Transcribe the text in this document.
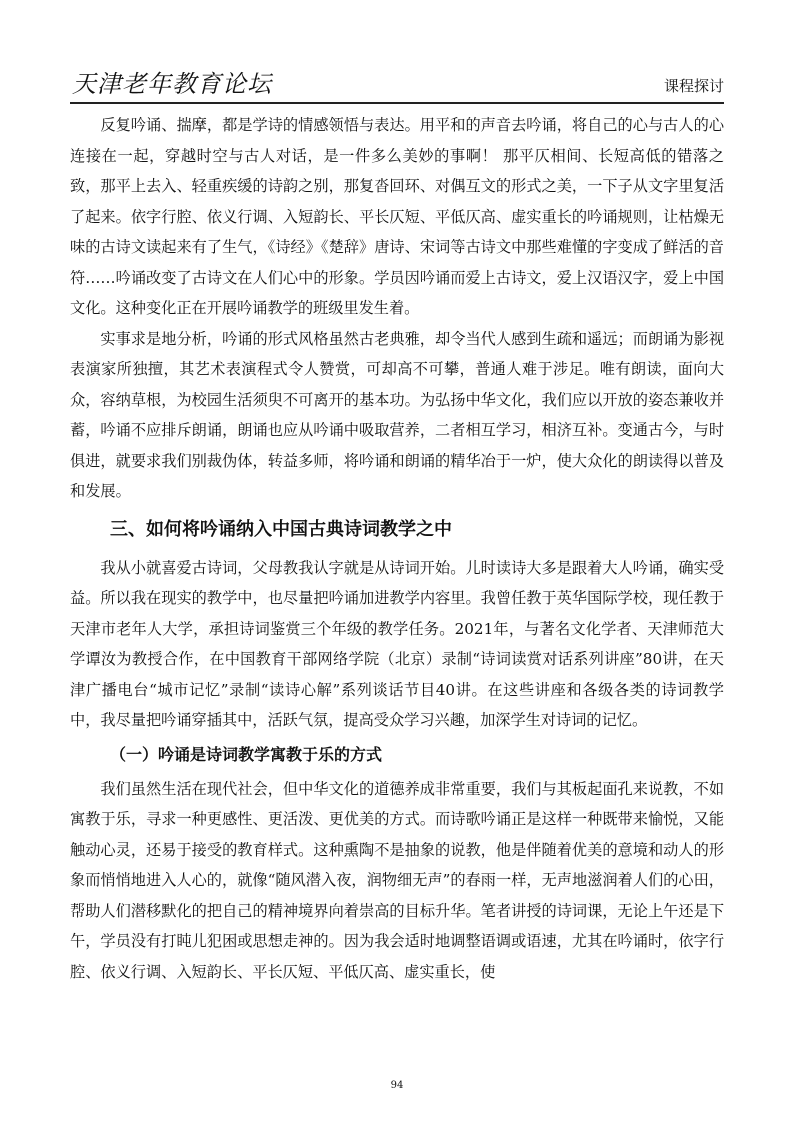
天津老年教育论坛	课程探讨

反复吟诵、揣摩，都是学诗的情感领悟与表达。用平和的声音去吟诵，将自己的心与古人的心连接在一起，穿越时空与古人对话，是一件多么美妙的事啊！ 那平仄相间、长短高低的错落之致，那平上去入、轻重疾缓的诗韵之别，那复沓回环、对偶互文的形式之美，一下子从文字里复活了起来。依字行腔、依义行调、入短韵长、平长仄短、平低仄高、虚实重长的吟诵规则，让枯燥无味的古诗文读起来有了生气，《诗经》《楚辞》唐诗、宋词等古诗文中那些难懂的字变成了鲜活的音符……吟诵改变了古诗文在人们心中的形象。学员因吟诵而爱上古诗文，爱上汉语汉字，爱上中国文化。这种变化正在开展吟诵教学的班级里发生着。

实事求是地分析，吟诵的形式风格虽然古老典雅，却令当代人感到生疏和遥远；而朗诵为影视表演家所独擅，其艺术表演程式令人赞赏，可却高不可攀，普通人难于涉足。唯有朗读，面向大众，容纳草根，为校园生活须臾不可离开的基本功。为弘扬中华文化，我们应以开放的姿态兼收并蓄，吟诵不应排斥朗诵，朗诵也应从吟诵中吸取营养，二者相互学习，相济互补。变通古今，与时俱进，就要求我们别裁伪体，转益多师，将吟诵和朗诵的精华冶于一炉，使大众化的朗读得以普及和发展。

三、如何将吟诵纳入中国古典诗词教学之中

我从小就喜爱古诗词，父母教我认字就是从诗词开始。儿时读诗大多是跟着大人吟诵，确实受益。所以我在现实的教学中，也尽量把吟诵加进教学内容里。我曾任教于英华国际学校，现任教于天津市老年人大学，承担诗词鉴赏三个年级的教学任务。2021年，与著名文化学者、天津师范大学谭汝为教授合作，在中国教育干部网络学院（北京）录制“诗词读赏对话系列讲座”80讲，在天津广播电台“城市记忆”录制“读诗心解”系列谈话节目40讲。在这些讲座和各级各类的诗词教学中，我尽量把吟诵穿插其中，活跃气氛，提高受众学习兴趣，加深学生对诗词的记忆。

（一）吟诵是诗词教学寓教于乐的方式

我们虽然生活在现代社会，但中华文化的道德养成非常重要，我们与其板起面孔来说教，不如寓教于乐，寻求一种更感性、更活泼、更优美的方式。而诗歌吟诵正是这样一种既带来愉悦，又能触动心灵，还易于接受的教育样式。这种熏陶不是抽象的说教，他是伴随着优美的意境和动人的形象而悄悄地进入人心的，就像“随风潜入夜，润物细无声”的春雨一样，无声地滋润着人们的心田，帮助人们潜移默化的把自己的精神境界向着崇高的目标升华。笔者讲授的诗词课，无论上午还是下午，学员没有打盹儿犯困或思想走神的。因为我会适时地调整语调或语速，尤其在吟诵时，依字行腔、依义行调、入短韵长、平长仄短、平低仄高、虚实重长，使

94
